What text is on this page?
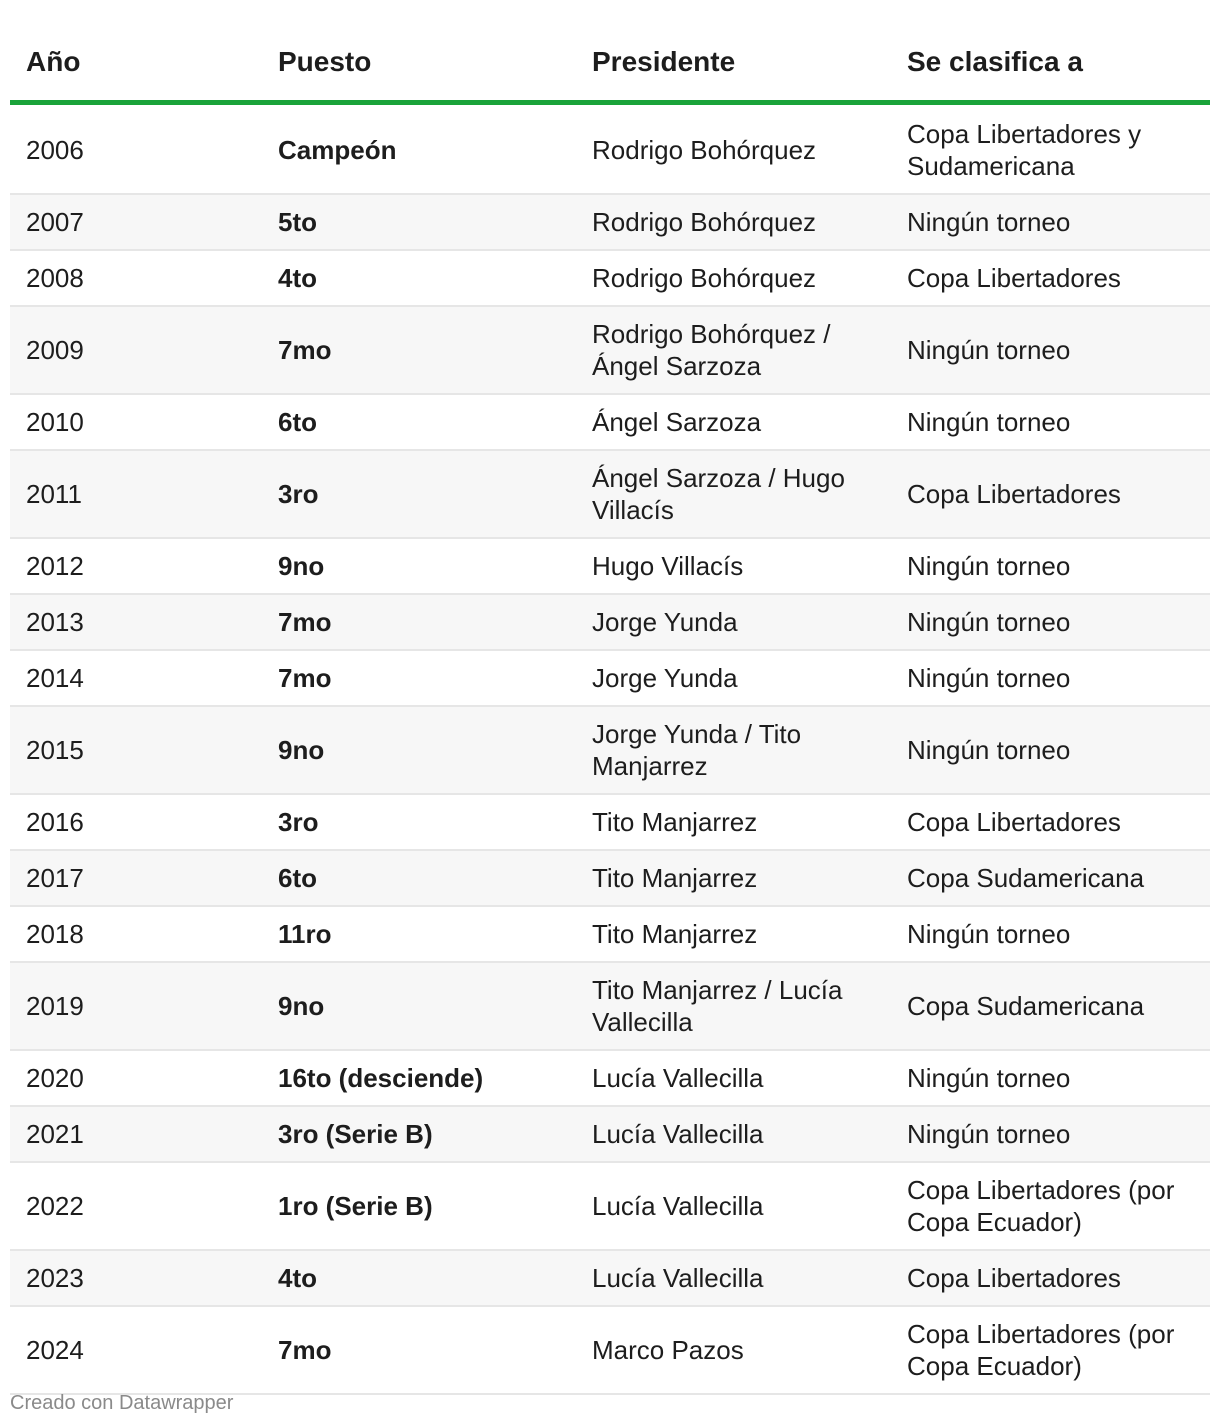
Año	Puesto	Presidente	Se clasifica a
2006	Campeón	Rodrigo Bohórquez	Copa Libertadores y Sudamericana
2007	5to	Rodrigo Bohórquez	Ningún torneo
2008	4to	Rodrigo Bohórquez	Copa Libertadores
2009	7mo	Rodrigo Bohórquez / Ángel Sarzoza	Ningún torneo
2010	6to	Ángel Sarzoza	Ningún torneo
2011	3ro	Ángel Sarzoza / Hugo Villacís	Copa Libertadores
2012	9no	Hugo Villacís	Ningún torneo
2013	7mo	Jorge Yunda	Ningún torneo
2014	7mo	Jorge Yunda	Ningún torneo
2015	9no	Jorge Yunda / Tito Manjarrez	Ningún torneo
2016	3ro	Tito Manjarrez	Copa Libertadores
2017	6to	Tito Manjarrez	Copa Sudamericana
2018	11ro	Tito Manjarrez	Ningún torneo
2019	9no	Tito Manjarrez / Lucía Vallecilla	Copa Sudamericana
2020	16to (desciende)	Lucía Vallecilla	Ningún torneo
2021	3ro (Serie B)	Lucía Vallecilla	Ningún torneo
2022	1ro (Serie B)	Lucía Vallecilla	Copa Libertadores (por Copa Ecuador)
2023	4to	Lucía Vallecilla	Copa Libertadores
2024	7mo	Marco Pazos	Copa Libertadores (por Copa Ecuador)
Creado con Datawrapper
